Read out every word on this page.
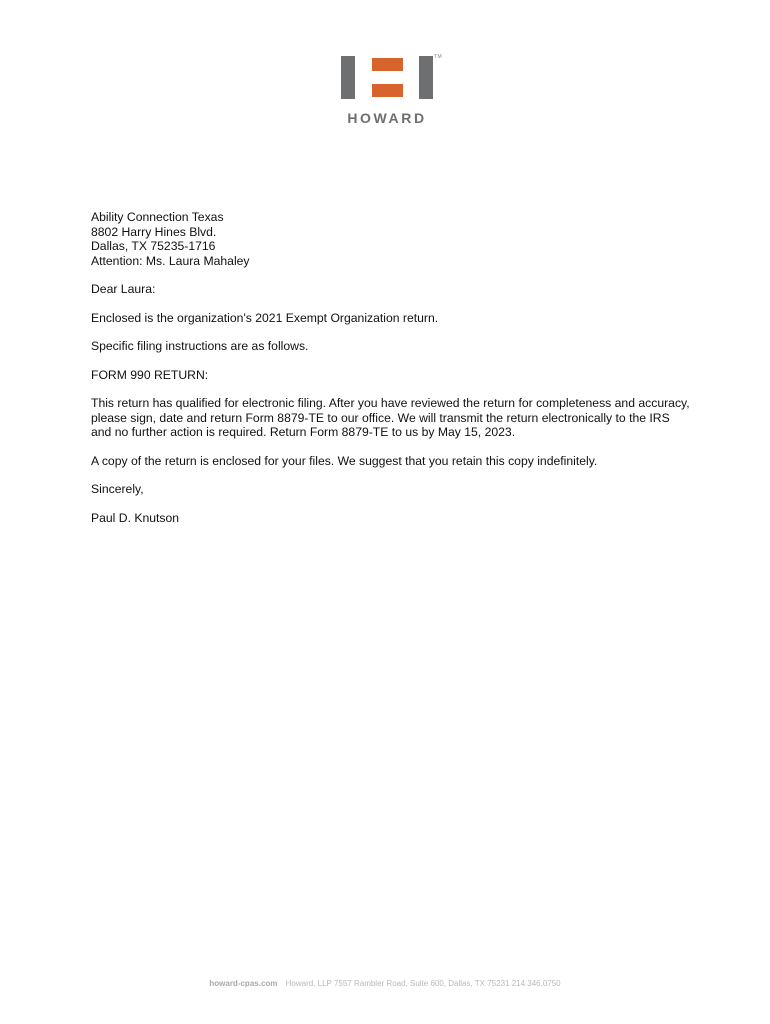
TM
HOWARD

Ability Connection Texas
8802 Harry Hines Blvd.
Dallas, TX 75235-1716
Attention: Ms. Laura Mahaley

Dear Laura:

Enclosed is the organization's 2021 Exempt Organization return.

Specific filing instructions are as follows.

FORM 990 RETURN:

This return has qualified for electronic filing. After you have reviewed the return for completeness and accuracy, please sign, date and return Form 8879-TE to our office. We will transmit the return electronically to the IRS and no further action is required. Return Form 8879-TE to us by May 15, 2023.

A copy of the return is enclosed for your files. We suggest that you retain this copy indefinitely.

Sincerely,

Paul D. Knutson

howard-cpas.com Howard, LLP 7557 Rambler Road, Suite 600, Dallas, TX 75231 214.346.0750
